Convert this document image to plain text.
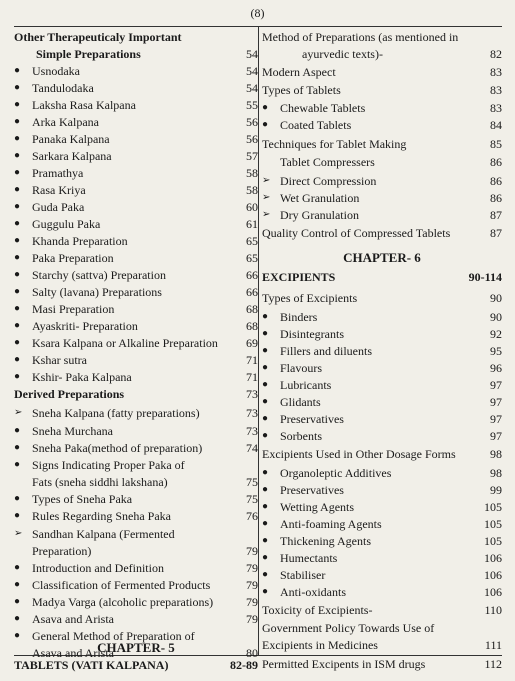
(8)
Other Therapeuticaly Important
Simple Preparations	54
● Usnodaka	54
● Tandulodaka	54
● Laksha Rasa Kalpana	55
● Arka Kalpana	56
● Panaka Kalpana	56
● Sarkara Kalpana	57
● Pramathya	58
● Rasa Kriya	58
● Guda Paka	60
● Guggulu Paka	61
● Khanda Preparation	65
● Paka Preparation	65
● Starchy (sattva) Preparation	66
● Salty (lavana) Preparations	66
● Masi Preparation	68
● Ayaskriti- Preparation	68
● Ksara Kalpana or Alkaline Preparation	69
● Kshar sutra	71
● Kshir- Paka Kalpana	71
Derived Preparations	73
➢ Sneha Kalpana (fatty preparations)	73
● Sneha Murchana	73
● Sneha Paka(method of preparation)	74
● Signs Indicating Proper Paka of
Fats (sneha siddhi lakshana)	75
● Types of Sneha Paka	75
● Rules Regarding Sneha Paka	76
➢ Sandhan Kalpana (Fermented
Preparation)	79
● Introduction and Definition	79
● Classification of Fermented Products	79
● Madya Varga (alcoholic preparations)	79
● Asava and Arista	79
● General Method of Preparation of
Asava and Arista	80
CHAPTER- 5
TABLETS (VATI KALPANA)	82-89
Method of Preparations (as mentioned in
ayurvedic texts)-	82
Modern Aspect	83
Types of Tablets	83
● Chewable Tablets	83
● Coated Tablets	84
Techniques for Tablet Making	85
Tablet Compressers	86
➢ Direct Compression	86
➢ Wet Granulation	86
➢ Dry Granulation	87
Quality Control of Compressed Tablets	87
EXCIPIENTS	90-114
Types of Excipients	90
● Binders	90
● Disintegrants	92
● Fillers and diluents	95
● Flavours	96
● Lubricants	97
● Glidants	97
● Preservatives	97
● Sorbents	97
Excipients Used in Other Dosage Forms	98
● Organoleptic Additives	98
● Preservatives	99
● Wetting Agents	105
● Anti-foaming Agents	105
● Thickening Agents	105
● Humectants	106
● Stabiliser	106
● Anti-oxidants	106
Toxicity of Excipients-	110
Government Policy Towards Use of
Excipients in Medicines	111
Permitted Excipents in ISM drugs	112
CHAPTER- 6
